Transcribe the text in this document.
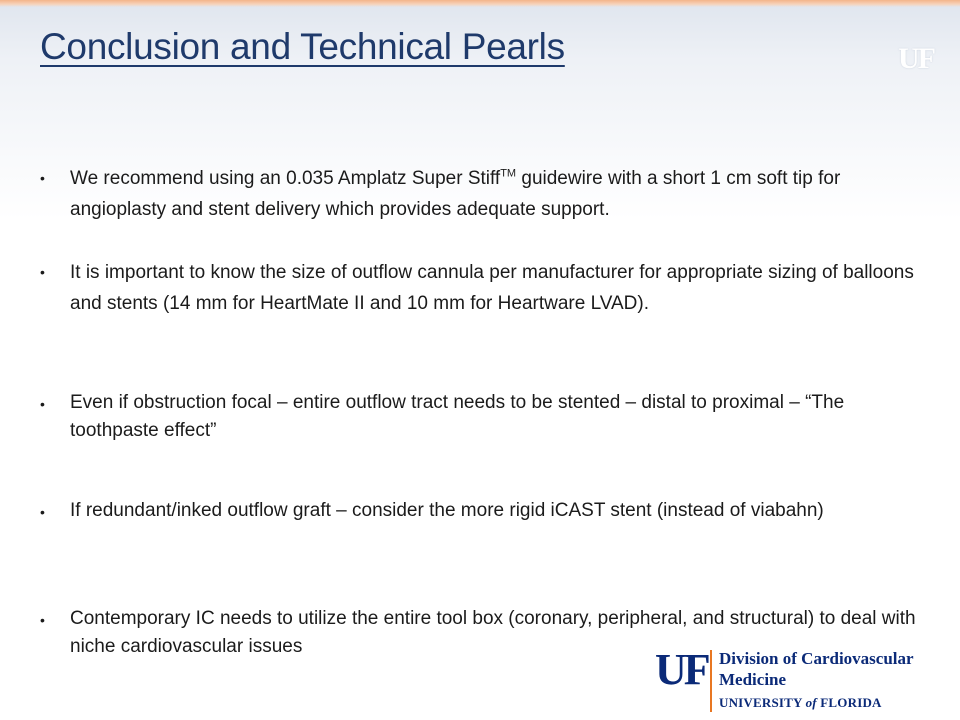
Conclusion and Technical Pearls	UF
• We recommend using an 0.035 Amplatz Super Stiff™ guidewire with a short 1 cm soft tip for angioplasty and stent delivery which provides adequate support.
• It is important to know the size of outflow cannula per manufacturer for appropriate sizing of balloons and stents (14 mm for HeartMate II and 10 mm for Heartware LVAD).
• Even if obstruction focal – entire outflow tract needs to be stented – distal to proximal – “The toothpaste effect”
• If redundant/inked outflow graft – consider the more rigid iCAST stent (instead of viabahn)
• Contemporary IC needs to utilize the entire tool box (coronary, peripheral, and structural) to deal with niche cardiovascular issues	UF Division of Cardiovascular
Medicine
UNIVERSITY of FLORIDA
